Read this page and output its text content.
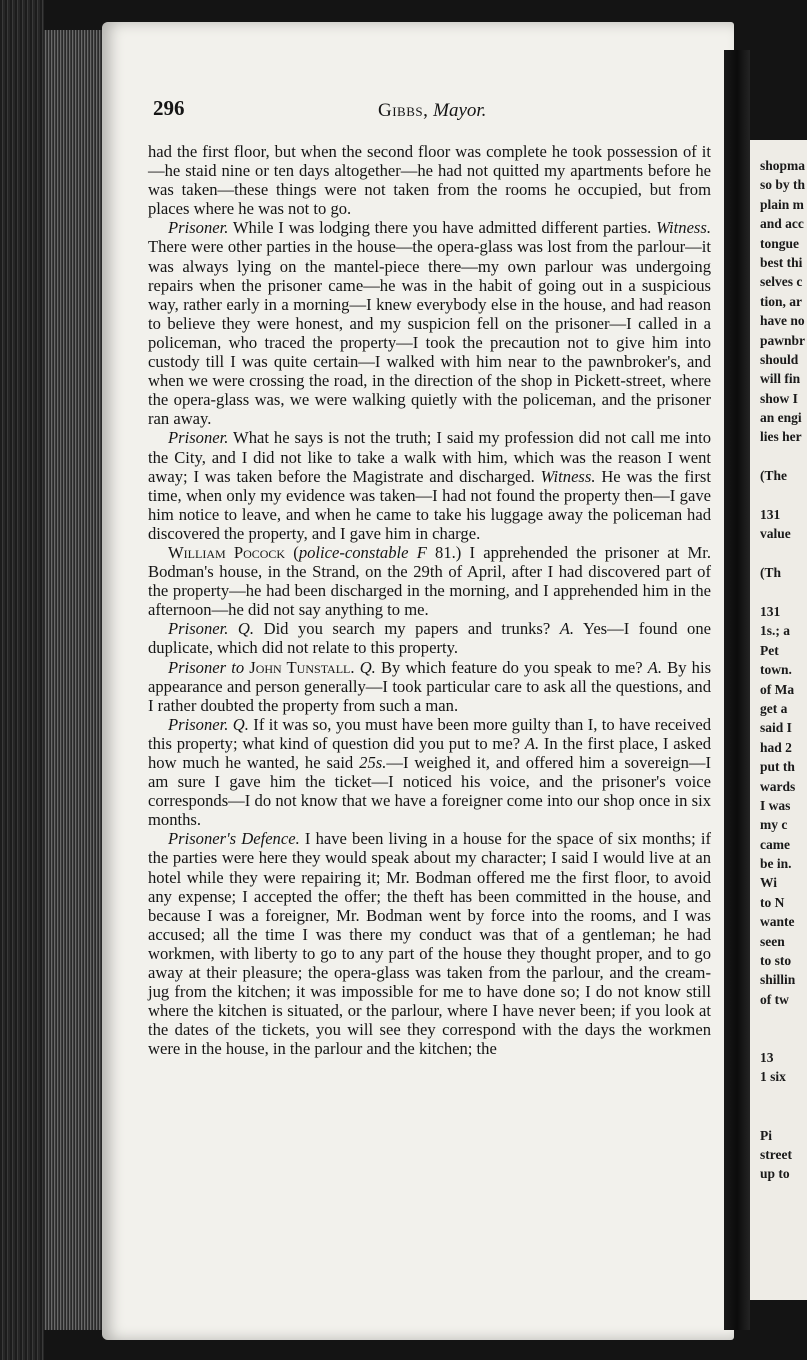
shopma
so by th
plain m
and acc
tongue
best thi
selves c
tion, ar
have no
pawnbr
should
will fin
show I
an engi
lies her
(The
131
value
(Th
131
1s.; a
Pet
town.
of Ma
get a
said I
had 2
put th
wards
I was
my c
came
be in.
Wi
to N
wante
seen
to sto
shillin
of tw
13
1 six
Pi
street
up to
296	Gibbs, Mayor.

had the first floor, but when the second floor was complete he took possession of it—he staid nine or ten days altogether—he had not quitted my apartments before he was taken—these things were not taken from the rooms he occupied, but from places where he was not to go.

Prisoner. While I was lodging there you have admitted different parties. Witness. There were other parties in the house—the opera-glass was lost from the parlour—it was always lying on the mantel-piece there—my own parlour was undergoing repairs when the prisoner came—he was in the habit of going out in a suspicious way, rather early in a morning—I knew everybody else in the house, and had reason to believe they were honest, and my suspicion fell on the prisoner—I called in a policeman, who traced the property—I took the precaution not to give him into custody till I was quite certain—I walked with him near to the pawnbroker's, and when we were crossing the road, in the direction of the shop in Pickett-street, where the opera-glass was, we were walking quietly with the policeman, and the prisoner ran away.

Prisoner. What he says is not the truth; I said my profession did not call me into the City, and I did not like to take a walk with him, which was the reason I went away; I was taken before the Magistrate and discharged. Witness. He was the first time, when only my evidence was taken—I had not found the property then—I gave him notice to leave, and when he came to take his luggage away the policeman had discovered the property, and I gave him in charge.

William Pocock (police-constable F 81.) I apprehended the prisoner at Mr. Bodman's house, in the Strand, on the 29th of April, after I had discovered part of the property—he had been discharged in the morning, and I apprehended him in the afternoon—he did not say anything to me.

Prisoner. Q. Did you search my papers and trunks? A. Yes—I found one duplicate, which did not relate to this property.

Prisoner to John Tunstall. Q. By which feature do you speak to me? A. By his appearance and person generally—I took particular care to ask all the questions, and I rather doubted the property from such a man.

Prisoner. Q. If it was so, you must have been more guilty than I, to have received this property; what kind of question did you put to me? A. In the first place, I asked how much he wanted, he said 25s.—I weighed it, and offered him a sovereign—I am sure I gave him the ticket—I noticed his voice, and the prisoner's voice corresponds—I do not know that we have a foreigner come into our shop once in six months.

Prisoner's Defence. I have been living in a house for the space of six months; if the parties were here they would speak about my character; I said I would live at an hotel while they were repairing it; Mr. Bodman offered me the first floor, to avoid any expense; I accepted the offer; the theft has been committed in the house, and because I was a foreigner, Mr. Bodman went by force into the rooms, and I was accused; all the time I was there my conduct was that of a gentleman; he had workmen, with liberty to go to any part of the house they thought proper, and to go away at their pleasure; the opera-glass was taken from the parlour, and the cream-jug from the kitchen; it was impossible for me to have done so; I do not know still where the kitchen is situated, or the parlour, where I have never been; if you look at the dates of the tickets, you will see they correspond with the days the workmen were in the house, in the parlour and the kitchen; the
